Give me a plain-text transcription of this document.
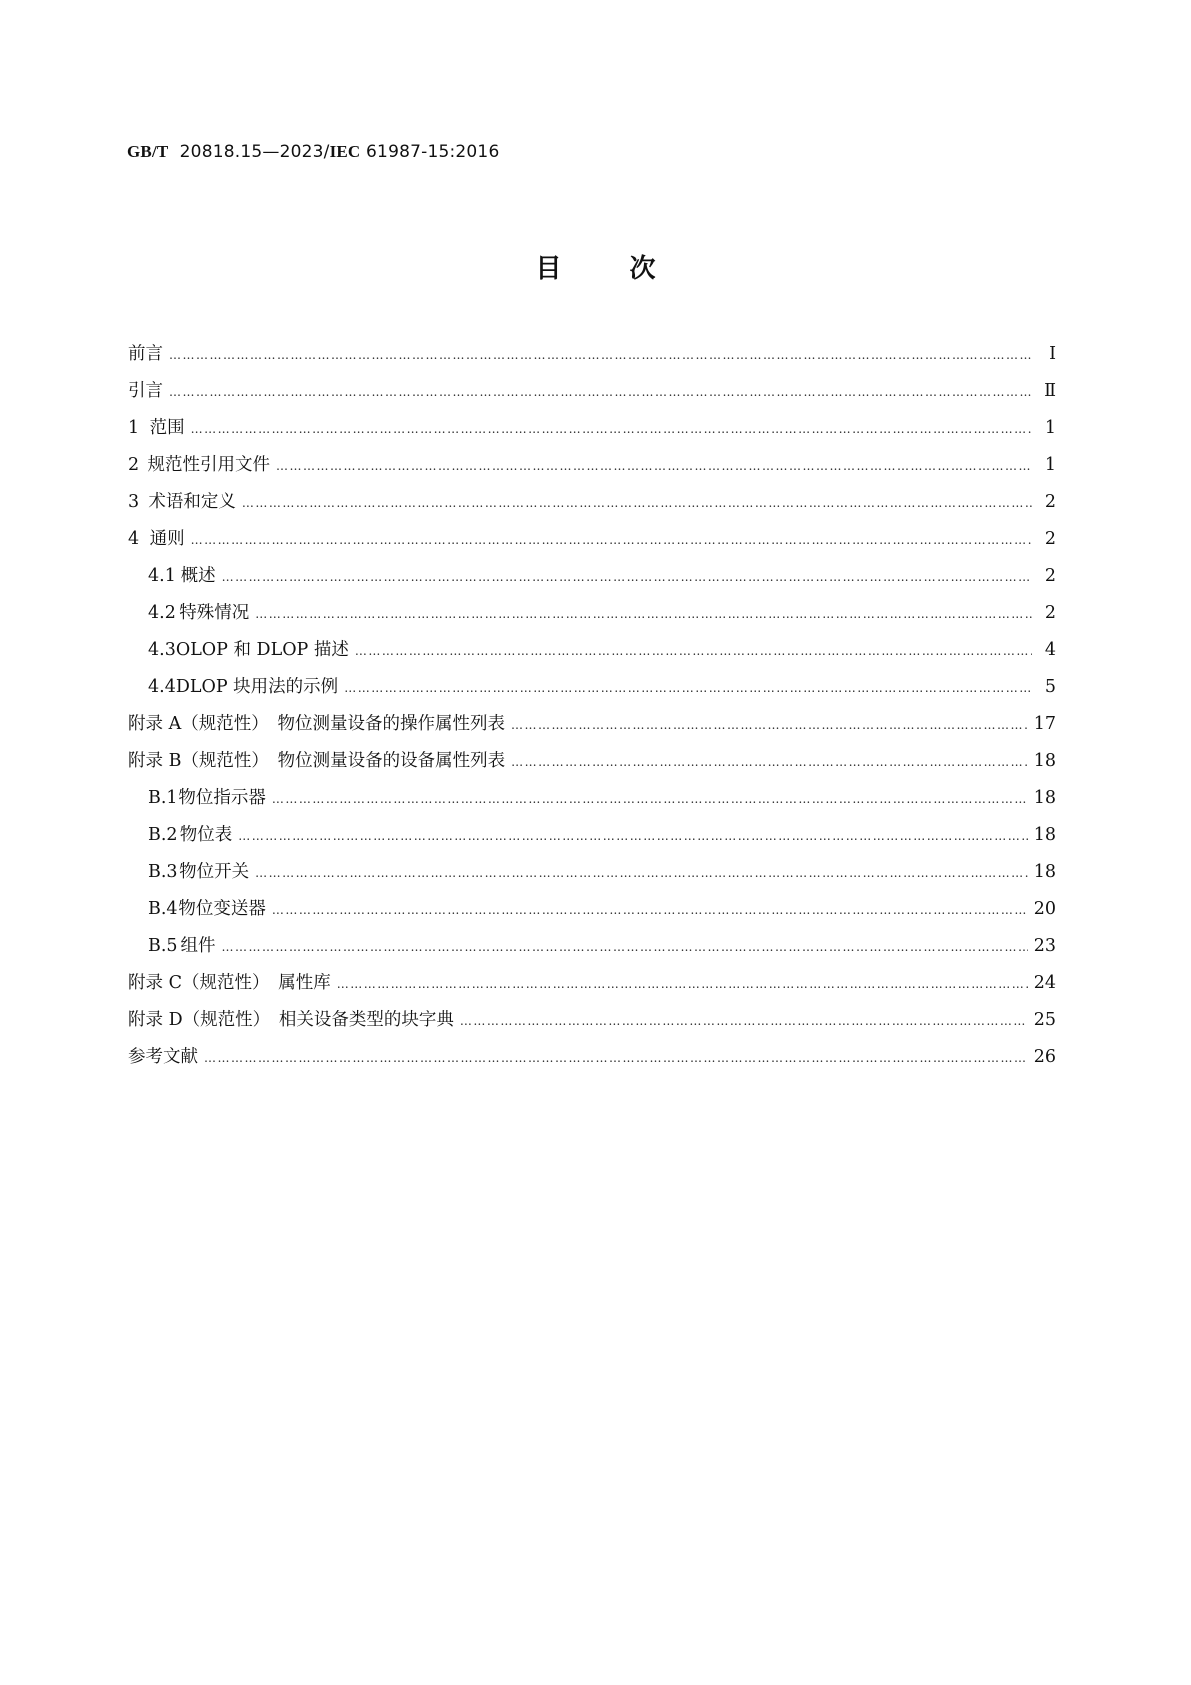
GB/T 20818.15—2023/IEC 61987-15:2016
目	次
前言 ……………………………………………………………………………………………………………………………………………………………………………………………………………………………………………………	Ⅰ
引言 ……………………………………………………………………………………………………………………………………………………………………………………………………………………………………………………	Ⅱ
1 范围 ……………………………………………………………………………………………………………………………………………………………………………………………………………………………………………………	1
2 规范性引用文件 ……………………………………………………………………………………………………………………………………………………………………………………………………………………………………………………	1
3 术语和定义 ……………………………………………………………………………………………………………………………………………………………………………………………………………………………………………………	2
4 通则 ……………………………………………………………………………………………………………………………………………………………………………………………………………………………………………………	2
4.1 概述 ……………………………………………………………………………………………………………………………………………………………………………………………………………………………………………………	2
4.2 特殊情况 ……………………………………………………………………………………………………………………………………………………………………………………………………………………………………………………	2
4.3 OLOP 和 DLOP 描述 ……………………………………………………………………………………………………………………………………………………………………………………………………………………………………………………	4
4.4 DLOP 块用法的示例 ……………………………………………………………………………………………………………………………………………………………………………………………………………………………………………………	5
附录 A（规范性）　物位测量设备的操作属性列表 ……………………………………………………………………………………………………………………………………………………………………………………………………………………………………………………	17
附录 B（规范性）　物位测量设备的设备属性列表 ……………………………………………………………………………………………………………………………………………………………………………………………………………………………………………………	18
B.1 物位指示器 ……………………………………………………………………………………………………………………………………………………………………………………………………………………………………………………	18
B.2 物位表 ……………………………………………………………………………………………………………………………………………………………………………………………………………………………………………………	18
B.3 物位开关 ……………………………………………………………………………………………………………………………………………………………………………………………………………………………………………………	18
B.4 物位变送器 ……………………………………………………………………………………………………………………………………………………………………………………………………………………………………………………	20
B.5 组件 ……………………………………………………………………………………………………………………………………………………………………………………………………………………………………………………	23
附录 C（规范性）　属性库 ……………………………………………………………………………………………………………………………………………………………………………………………………………………………………………………	24
附录 D（规范性）　相关设备类型的块字典 ……………………………………………………………………………………………………………………………………………………………………………………………………………………………………………………	25
参考文献 ……………………………………………………………………………………………………………………………………………………………………………………………………………………………………………………	26
